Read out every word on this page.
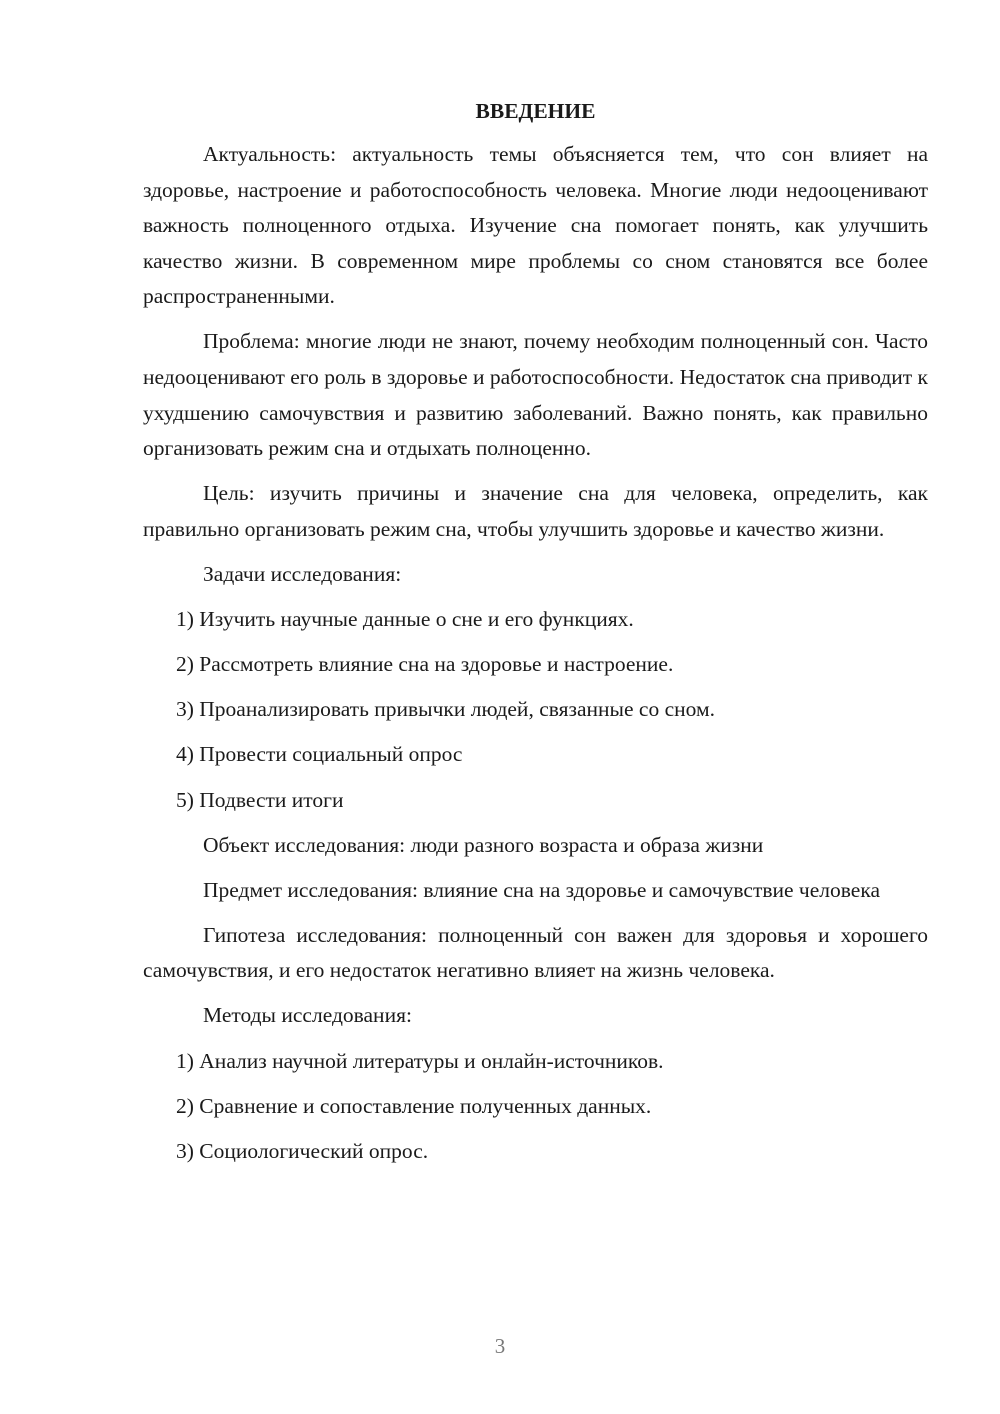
ВВЕДЕНИЕ

Актуальность: актуальность темы объясняется тем, что сон влияет на здоровье, настроение и работоспособность человека. Многие люди недооценивают важность полноценного отдыха. Изучение сна помогает понять, как улучшить качество жизни. В современном мире проблемы со сном становятся все более распространенными.

Проблема: многие люди не знают, почему необходим полноценный сон. Часто недооценивают его роль в здоровье и работоспособности. Недостаток сна приводит к ухудшению самочувствия и развитию заболеваний. Важно понять, как правильно организовать режим сна и отдыхать полноценно.

Цель: изучить причины и значение сна для человека, определить, как правильно организовать режим сна, чтобы улучшить здоровье и качество жизни.

Задачи исследования:

1) Изучить научные данные о сне и его функциях.
2) Рассмотреть влияние сна на здоровье и настроение.
3) Проанализировать привычки людей, связанные со сном.
4) Провести социальный опрос
5) Подвести итоги

Объект исследования: люди разного возраста и образа жизни

Предмет исследования: влияние сна на здоровье и самочувствие человека

Гипотеза исследования: полноценный сон важен для здоровья и хорошего самочувствия, и его недостаток негативно влияет на жизнь человека.

Методы исследования:

1) Анализ научной литературы и онлайн-источников.
2) Сравнение и сопоставление полученных данных.
3) Социологический опрос.
3
